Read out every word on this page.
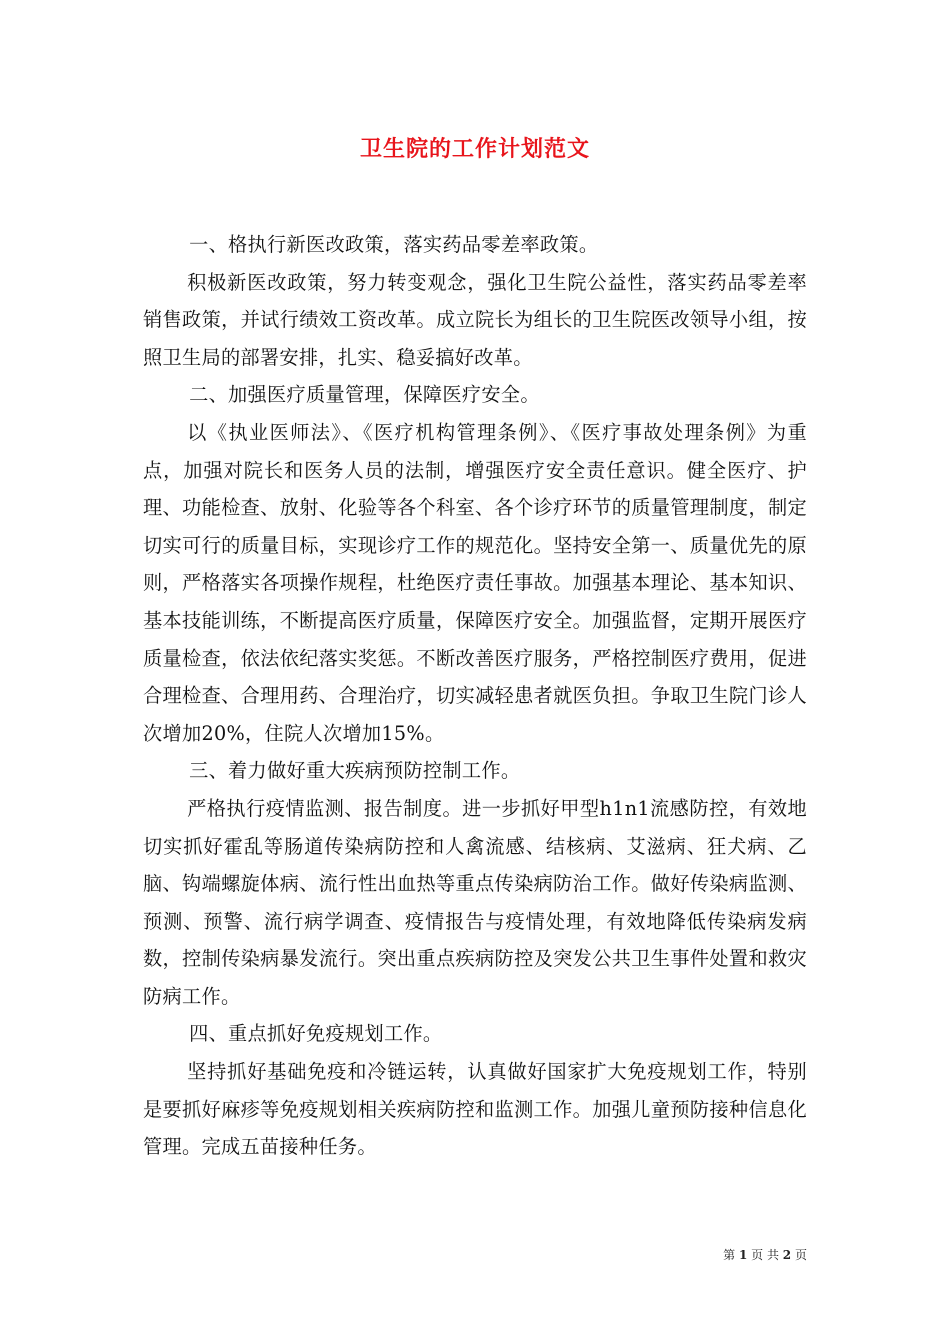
卫生院的工作计划范文

一、格执行新医改政策，落实药品零差率政策。

积极新医改政策，努力转变观念，强化卫生院公益性，落实药品零差率销售政策，并试行绩效工资改革。成立院长为组长的卫生院医改领导小组，按照卫生局的部署安排，扎实、稳妥搞好改革。

二、加强医疗质量管理，保障医疗安全。

以《执业医师法》、《医疗机构管理条例》、《医疗事故处理条例》为重点，加强对院长和医务人员的法制，增强医疗安全责任意识。健全医疗、护理、功能检查、放射、化验等各个科室、各个诊疗环节的质量管理制度，制定切实可行的质量目标，实现诊疗工作的规范化。坚持安全第一、质量优先的原则，严格落实各项操作规程，杜绝医疗责任事故。加强基本理论、基本知识、基本技能训练，不断提高医疗质量，保障医疗安全。加强监督，定期开展医疗质量检查，依法依纪落实奖惩。不断改善医疗服务，严格控制医疗费用，促进合理检查、合理用药、合理治疗，切实减轻患者就医负担。争取卫生院门诊人次增加20%，住院人次增加15%。

三、着力做好重大疾病预防控制工作。

严格执行疫情监测、报告制度。进一步抓好甲型h1n1流感防控，有效地切实抓好霍乱等肠道传染病防控和人禽流感、结核病、艾滋病、狂犬病、乙脑、钩端螺旋体病、流行性出血热等重点传染病防治工作。做好传染病监测、预测、预警、流行病学调查、疫情报告与疫情处理，有效地降低传染病发病数，控制传染病暴发流行。突出重点疾病防控及突发公共卫生事件处置和救灾防病工作。

四、重点抓好免疫规划工作。

坚持抓好基础免疫和冷链运转，认真做好国家扩大免疫规划工作，特别是要抓好麻疹等免疫规划相关疾病防控和监测工作。加强儿童预防接种信息化管理。完成五苗接种任务。

第 1 页 共 2 页
